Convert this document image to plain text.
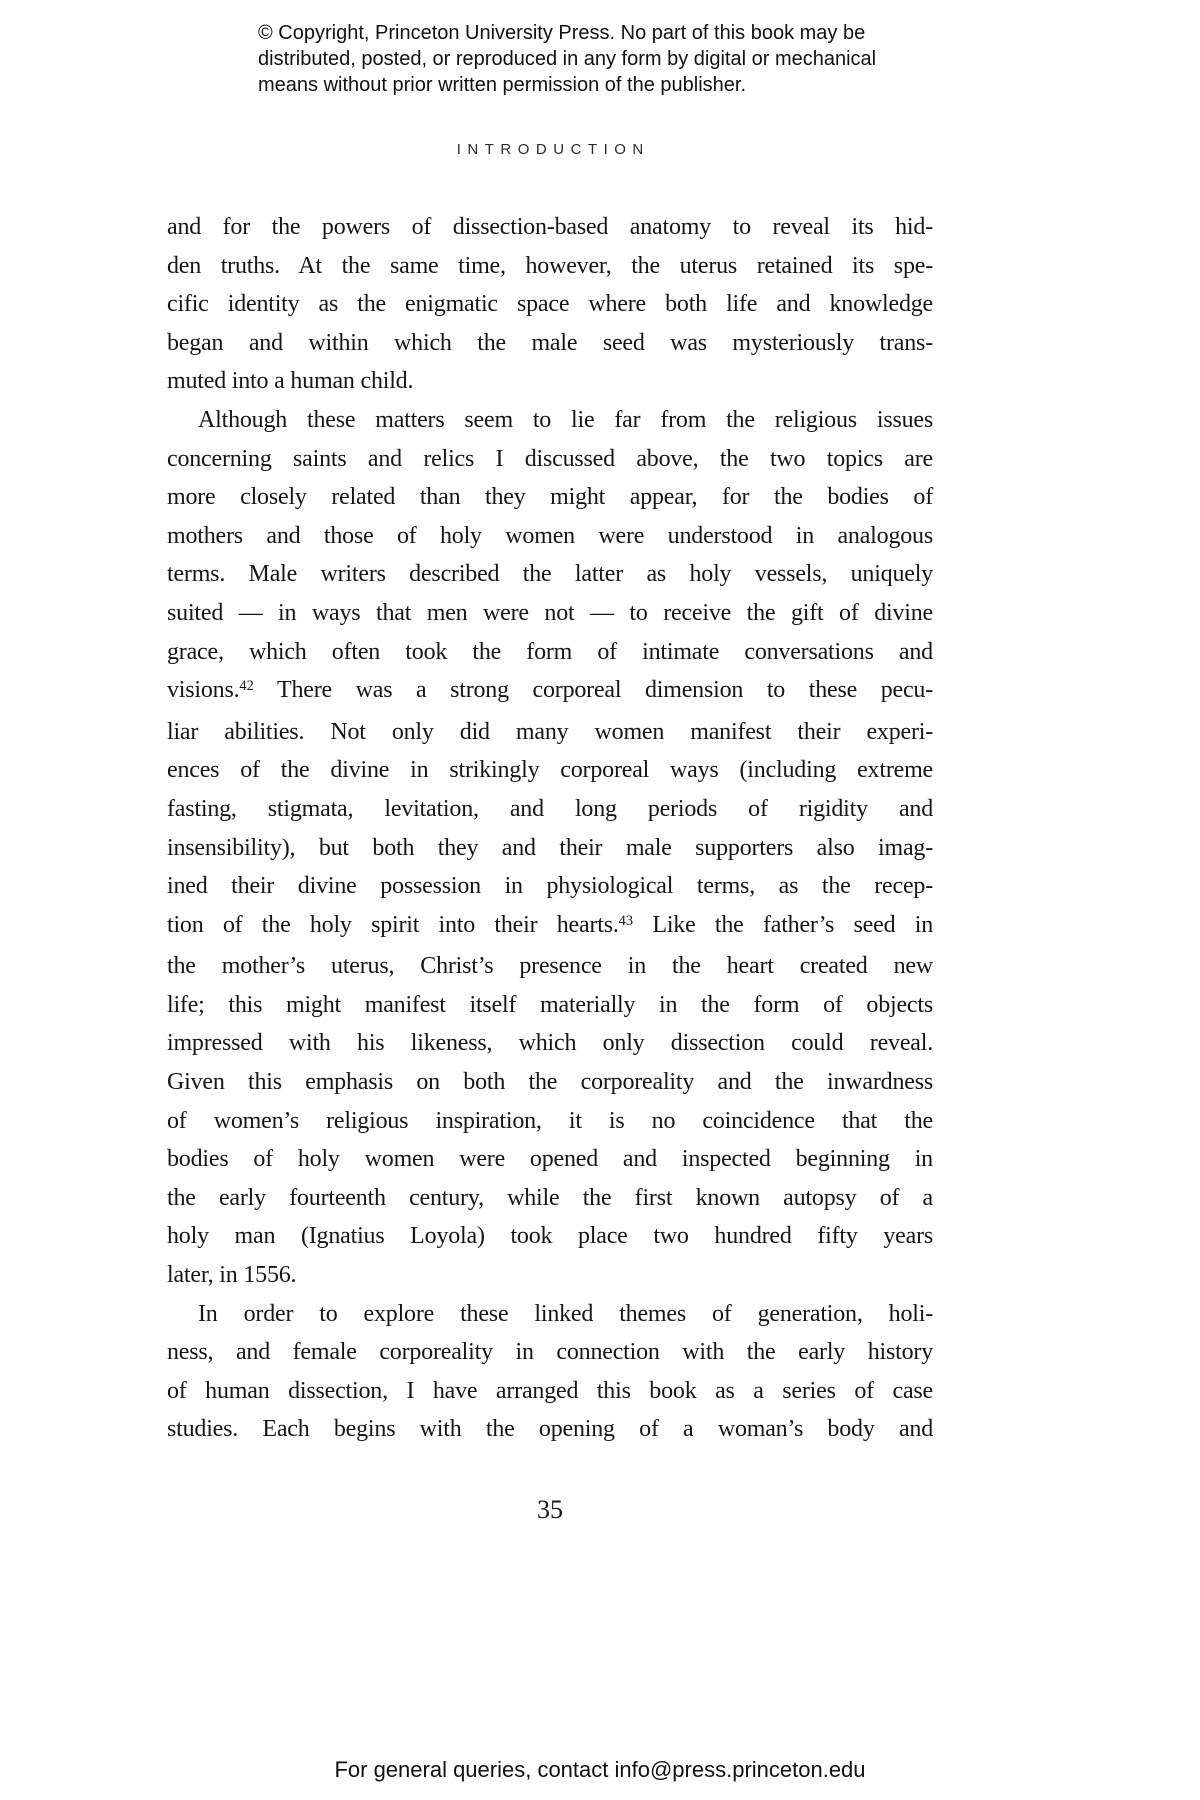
© Copyright, Princeton University Press. No part of this book may be
distributed, posted, or reproduced in any form by digital or mechanical
means without prior written permission of the publisher.
INTRODUCTION
and for the powers of dissection-based anatomy to reveal its hid-
den truths. At the same time, however, the uterus retained its spe-
cific identity as the enigmatic space where both life and knowledge
began and within which the male seed was mysteriously trans-
muted into a human child.
Although these matters seem to lie far from the religious issues
concerning saints and relics I discussed above, the two topics are
more closely related than they might appear, for the bodies of
mothers and those of holy women were understood in analogous
terms. Male writers described the latter as holy vessels, uniquely
suited — in ways that men were not — to receive the gift of divine
grace, which often took the form of intimate conversations and
visions.$^{42}$ There was a strong corporeal dimension to these pecu-
liar abilities. Not only did many women manifest their experi-
ences of the divine in strikingly corporeal ways (including extreme
fasting, stigmata, levitation, and long periods of rigidity and
insensibility), but both they and their male supporters also imag-
ined their divine possession in physiological terms, as the recep-
tion of the holy spirit into their hearts.$^{43}$ Like the father’s seed in
the mother’s uterus, Christ’s presence in the heart created new
life; this might manifest itself materially in the form of objects
impressed with his likeness, which only dissection could reveal.
Given this emphasis on both the corporeality and the inwardness
of women’s religious inspiration, it is no coincidence that the
bodies of holy women were opened and inspected beginning in
the early fourteenth century, while the first known autopsy of a
holy man (Ignatius Loyola) took place two hundred fifty years
later, in 1556.
In order to explore these linked themes of generation, holi-
ness, and female corporeality in connection with the early history
of human dissection, I have arranged this book as a series of case
studies. Each begins with the opening of a woman’s body and
35
For general queries, contact info@press.princeton.edu
